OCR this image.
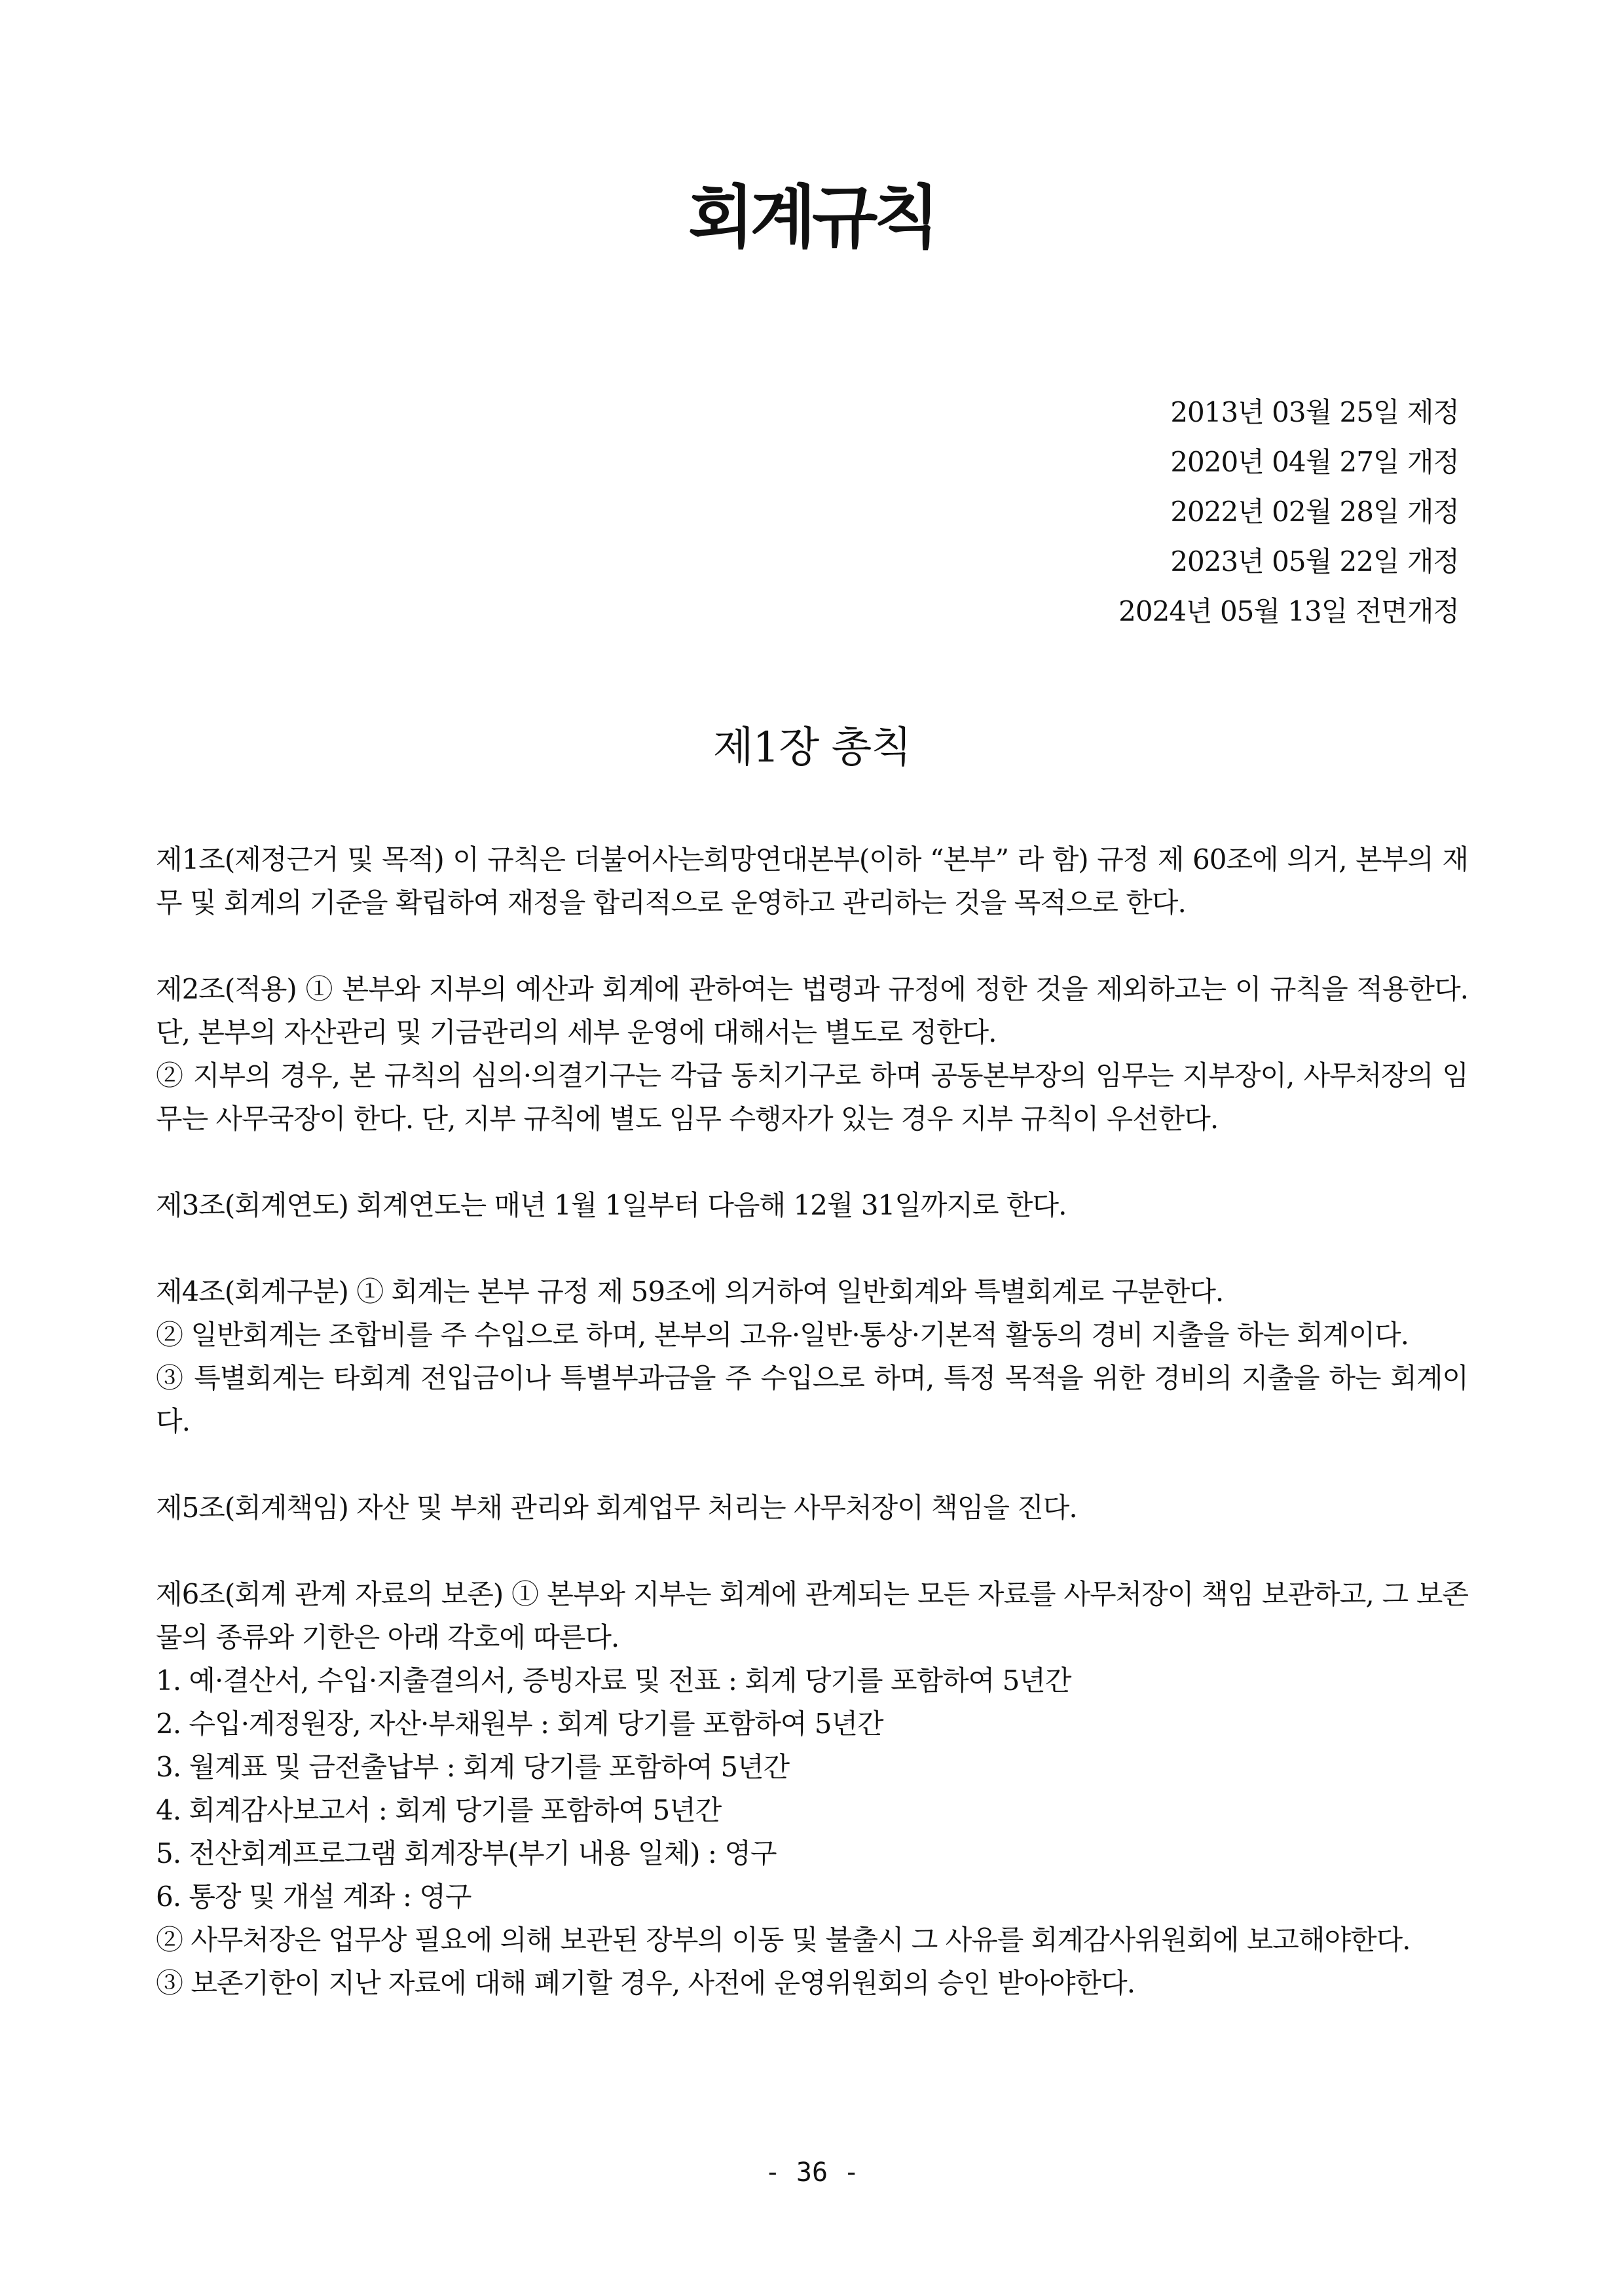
회계규칙
2013년 03월 25일 제정
2020년 04월 27일 개정
2022년 02월 28일 개정
2023년 05월 22일 개정
2024년 05월 13일 전면개정
제1장 총칙

제1조(제정근거 및 목적) 이 규칙은 더불어사는희망연대본부(이하 “본부” 라 함) 규정 제 60조에 의거, 본부의 재무 및 회계의 기준을 확립하여 재정을 합리적으로 운영하고 관리하는 것을 목적으로 한다.

제2조(적용) ① 본부와 지부의 예산과 회계에 관하여는 법령과 규정에 정한 것을 제외하고는 이 규칙을 적용한다. 단, 본부의 자산관리 및 기금관리의 세부 운영에 대해서는 별도로 정한다.

② 지부의 경우, 본 규칙의 심의·의결기구는 각급 동치기구로 하며 공동본부장의 임무는 지부장이, 사무처장의 임무는 사무국장이 한다. 단, 지부 규칙에 별도 임무 수행자가 있는 경우 지부 규칙이 우선한다.

제3조(회계연도) 회계연도는 매년 1월 1일부터 다음해 12월 31일까지로 한다.

제4조(회계구분) ① 회계는 본부 규정 제 59조에 의거하여 일반회계와 특별회계로 구분한다.

② 일반회계는 조합비를 주 수입으로 하며, 본부의 고유·일반·통상·기본적 활동의 경비 지출을 하는 회계이다.

③ 특별회계는 타회계 전입금이나 특별부과금을 주 수입으로 하며, 특정 목적을 위한 경비의 지출을 하는 회계이다.

제5조(회계책임) 자산 및 부채 관리와 회계업무 처리는 사무처장이 책임을 진다.

제6조(회계 관계 자료의 보존) ① 본부와 지부는 회계에 관계되는 모든 자료를 사무처장이 책임 보관하고, 그 보존물의 종류와 기한은 아래 각호에 따른다.

1. 예·결산서, 수입·지출결의서, 증빙자료 및 전표 : 회계 당기를 포함하여 5년간

2. 수입·계정원장, 자산·부채원부 : 회계 당기를 포함하여 5년간

3. 월계표 및 금전출납부 : 회계 당기를 포함하여 5년간

4. 회계감사보고서 : 회계 당기를 포함하여 5년간

5. 전산회계프로그램 회계장부(부기 내용 일체) : 영구

6. 통장 및 개설 계좌 : 영구

② 사무처장은 업무상 필요에 의해 보관된 장부의 이동 및 불출시 그 사유를 회계감사위원회에 보고해야한다.

③ 보존기한이 지난 자료에 대해 폐기할 경우, 사전에 운영위원회의 승인 받아야한다.

- 36 -
